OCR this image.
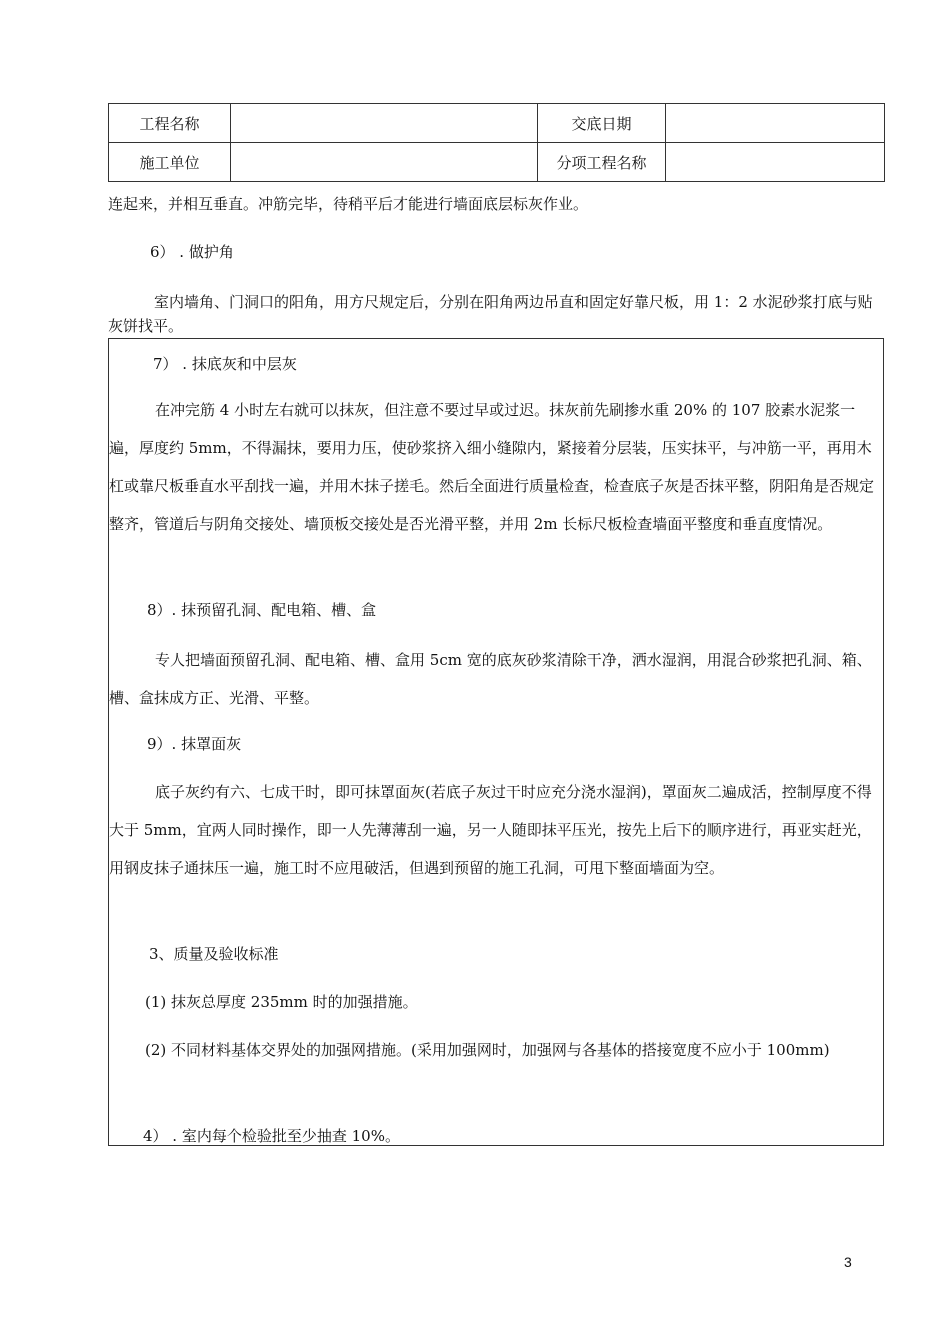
工程名称		交底日期	
施工单位		分项工程名称	

连起来，并相互垂直。冲筋完毕，待稍平后才能进行墙面底层标灰作业。

6） . 做护角

室内墙角、门洞口的阳角，用方尺规定后，分别在阳角两边吊直和固定好靠尺板，用 1：2 水泥砂浆打底与贴灰饼找平。

7） . 抹底灰和中层灰

在冲完筋 4 小时左右就可以抹灰，但注意不要过早或过迟。抹灰前先刷掺水重 20% 的 107 胶素水泥浆一遍，厚度约 5mm，不得漏抹，要用力压，使砂浆挤入细小缝隙内，紧接着分层装，压实抹平，与冲筋一平，再用木杠或靠尺板垂直水平刮找一遍，并用木抹子搓毛。然后全面进行质量检查，检查底子灰是否抹平整，阴阳角是否规定整齐，管道后与阴角交接处、墙顶板交接处是否光滑平整，并用 2m 长标尺板检查墙面平整度和垂直度情况。

8）. 抹预留孔洞、配电箱、槽、盒

专人把墙面预留孔洞、配电箱、槽、盒用 5cm 宽的底灰砂浆清除干净，洒水湿润，用混合砂浆把孔洞、箱、槽、盒抹成方正、光滑、平整。

9）. 抹罩面灰

底子灰约有六、七成干时，即可抹罩面灰(若底子灰过干时应充分浇水湿润)，罩面灰二遍成活，控制厚度不得大于 5mm，宜两人同时操作，即一人先薄薄刮一遍，另一人随即抹平压光，按先上后下的顺序进行，再亚实赶光，用钢皮抹子通抹压一遍，施工时不应甩破活，但遇到预留的施工孔洞，可甩下整面墙面为空。

3、质量及验收标准

(1) 抹灰总厚度 235mm 时的加强措施。

(2) 不同材料基体交界处的加强网措施。(采用加强网时，加强网与各基体的搭接宽度不应小于 100mm)

4） . 室内每个检验批至少抽查 10%。

3
